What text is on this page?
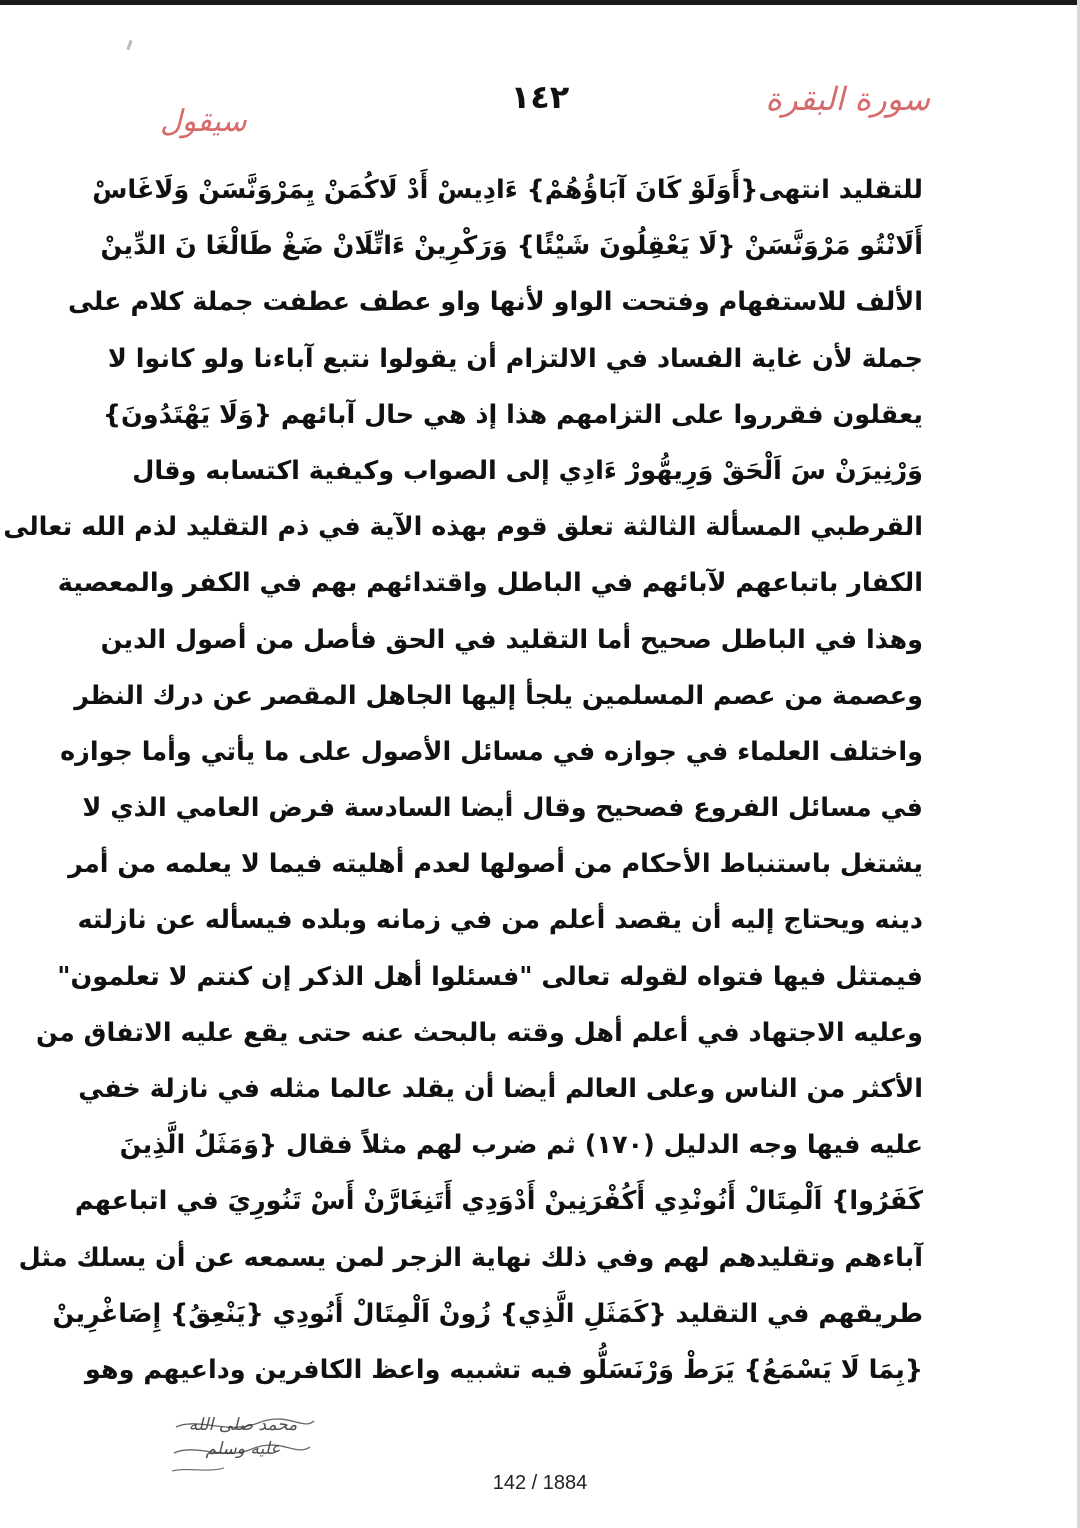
سورة البقرة
١٤٢
سيقول
للتقليد انتهى{أَوَلَوْ كَانَ آبَاؤُهُمْ} ءَادِيسْ أَدْ لَاكُمَنْ يِمَرْوَنَّسَنْ وَلَاغَاسْ
أَلَانْتُو مَرْوَنَّسَنْ {لَا يَعْقِلُونَ شَيْئًا} وَرَكْرِينْ ءَاتِّلَانْ ضَغْ طَالْغَا نَ الدِّينْ
الألف للاستفهام وفتحت الواو لأنها واو عطف عطفت جملة كلام على
جملة لأن غاية الفساد في الالتزام أن يقولوا نتبع آباءنا ولو كانوا لا
يعقلون فقرروا على التزامهم هذا إذ هي حال آبائهم {وَلَا يَهْتَدُونَ}
وَرْنِيرَنْ سَ اَلْحَقْ وَرِيهُّورْ ءَادِي إلى الصواب وكيفية اكتسابه وقال
القرطبي المسألة الثالثة تعلق قوم بهذه الآية في ذم التقليد لذم الله تعالى
الكفار باتباعهم لآبائهم في الباطل واقتدائهم بهم في الكفر والمعصية
وهذا في الباطل صحيح أما التقليد في الحق فأصل من أصول الدين
وعصمة من عصم المسلمين يلجأ إليها الجاهل المقصر عن درك النظر
واختلف العلماء في جوازه في مسائل الأصول على ما يأتي وأما جوازه
في مسائل الفروع فصحيح وقال أيضا السادسة فرض العامي الذي لا
يشتغل باستنباط الأحكام من أصولها لعدم أهليته فيما لا يعلمه من أمر
دينه ويحتاج إليه أن يقصد أعلم من في زمانه وبلده فيسأله عن نازلته
فيمتثل فيها فتواه لقوله تعالى "فسئلوا أهل الذكر إن كنتم لا تعلمون"
وعليه الاجتهاد في أعلم أهل وقته بالبحث عنه حتى يقع عليه الاتفاق من
الأكثر من الناس وعلى العالم أيضا أن يقلد عالما مثله في نازلة خفي
عليه فيها وجه الدليل (١٧٠) ثم ضرب لهم مثلاً فقال {وَمَثَلُ الَّذِينَ
كَفَرُوا} اَلْمِتَالْ أَنُونْدِي أَكُفْرَنِينْ أَدْوَدِي أَتَنِغَارَّنْ أَسْ تَنُورِيَ في اتباعهم
آباءهم وتقليدهم لهم وفي ذلك نهاية الزجر لمن يسمعه عن أن يسلك مثل
طريقهم في التقليد {كَمَثَلِ الَّذِي} زُونْ اَلْمِتَالْ أَنُودِي {يَنْعِقُ} إِصَاغْرِينْ
{بِمَا لَا يَسْمَعُ} يَرَطْ وَرْنَسَلُّو فيه تشبيه واعظ الكافرين وداعيهم وهو
محمد صلى الله
عليه وسلم
142 / 1884
